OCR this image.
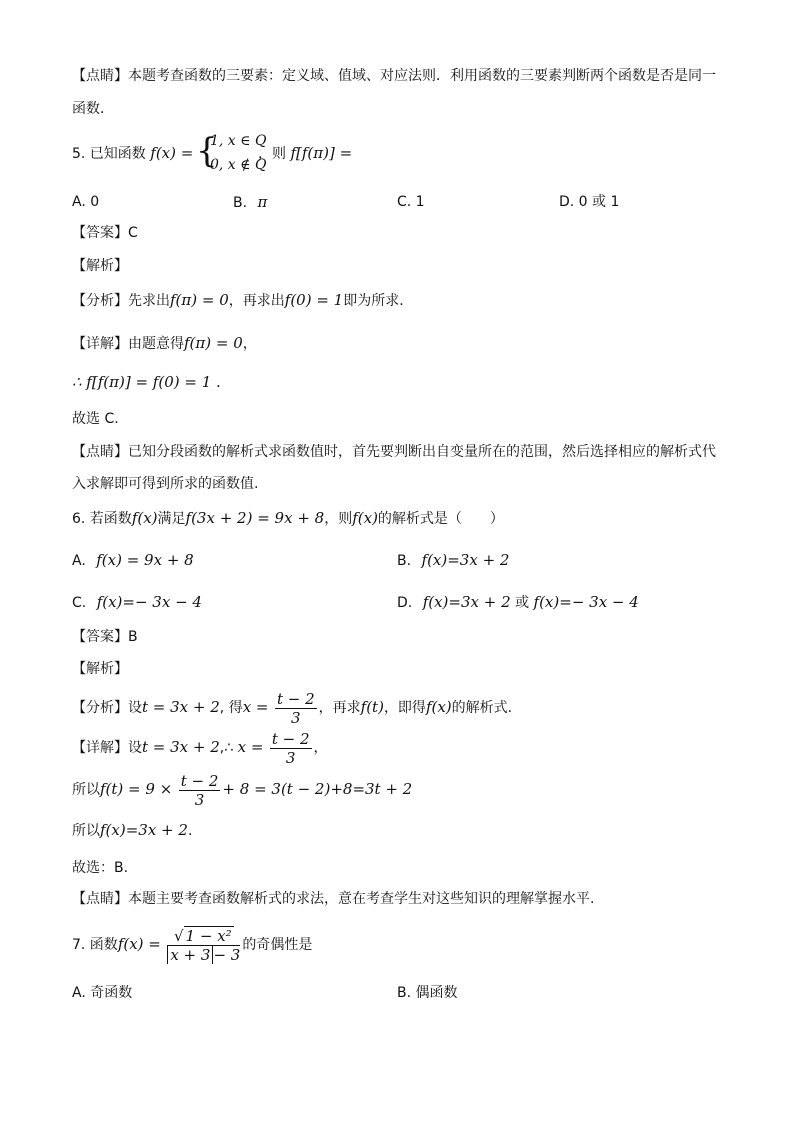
【点睛】本题考查函数的三要素：定义域、值域、对应法则．利用函数的三要素判断两个函数是否是同一
函数．
5. 已知函数 f(x) = {
1, x ∈ Q
0, x ∉ Q
，则 f[f(π)] =
A. 0	B. π	C. 1	D. 0 或 1
【答案】C
【解析】
【分析】先求出f(π) = 0，再求出f(0) = 1即为所求.
【详解】由题意得f(π) = 0，
∴ f[f(π)] = f(0) = 1 .
故选 C.
【点睛】已知分段函数的解析式求函数值时，首先要判断出自变量所在的范围，然后选择相应的解析式代
入求解即可得到所求的函数值.
6. 若函数f(x)满足f(3x + 2) = 9x + 8，则f(x)的解析式是（　　）
A. f(x) = 9x + 8	B. f(x)=3x + 2
C. f(x)=− 3x − 4	D. f(x)=3x + 2 或 f(x)=− 3x − 4
【答案】B
【解析】
【分析】设t = 3x + 2, 得$x = \frac{t - 2}{3}$ ，再求f(t)，即得f(x)的解析式.
【详解】设t = 3x + 2,∴ $x = \frac{t - 2}{3}$ ，
所以$f(t) = 9 \times \frac{t - 2}{3} + 8 = 3(t - 2)+8=3t + 2$
所以f(x)=3x + 2.
故选：B.
【点睛】本题主要考查函数解析式的求法，意在考查学生对这些知识的理解掌握水平.
7. 函数$f(x) = \frac{\text{√ 1 − x²}}{x + 3 - 3}$ 的奇偶性是
A. 奇函数	B. 偶函数
